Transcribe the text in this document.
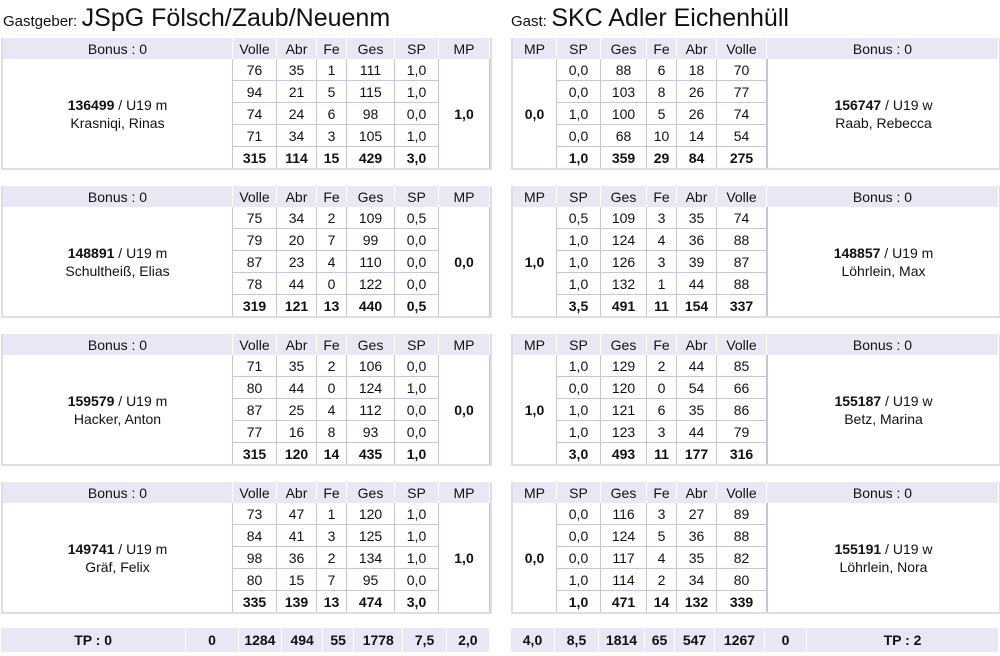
Gastgeber: JSpG Fölsch/Zaub/Neuenm	Gast: SKC Adler Eichenhüll
Bonus : 0	Volle	Abr	Fe	Ges	SP	MP
136499 / U19 m
Krasniqi, Rinas	76	35	1	111	1,0	1,0
	94	21	5	115	1,0	
	74	24	6	98	0,0	
	71	34	3	105	1,0	
	315	114	15	429	3,0	
MP	SP	Ges	Fe	Abr	Volle	Bonus : 0
0,0	0,0	88	6	18	70	156747 / U19 w
Raab, Rebecca
	0,0	103	8	26	77	
	1,0	100	5	26	74	
	0,0	68	10	14	54	
	1,0	359	29	84	275	
Bonus : 0	Volle	Abr	Fe	Ges	SP	MP
148891 / U19 m
Schultheiß, Elias	75	34	2	109	0,5	0,0
	79	20	7	99	0,0	
	87	23	4	110	0,0	
	78	44	0	122	0,0	
	319	121	13	440	0,5	
MP	SP	Ges	Fe	Abr	Volle	Bonus : 0
1,0	0,5	109	3	35	74	148857 / U19 m
Löhrlein, Max
	1,0	124	4	36	88	
	1,0	126	3	39	87	
	1,0	132	1	44	88	
	3,5	491	11	154	337	
Bonus : 0	Volle	Abr	Fe	Ges	SP	MP
159579 / U19 m
Hacker, Anton	71	35	2	106	0,0	0,0
	80	44	0	124	1,0	
	87	25	4	112	0,0	
	77	16	8	93	0,0	
	315	120	14	435	1,0	
MP	SP	Ges	Fe	Abr	Volle	Bonus : 0
1,0	1,0	129	2	44	85	155187 / U19 w
Betz, Marina
	0,0	120	0	54	66	
	1,0	121	6	35	86	
	1,0	123	3	44	79	
	3,0	493	11	177	316	
Bonus : 0	Volle	Abr	Fe	Ges	SP	MP
149741 / U19 m
Gräf, Felix	73	47	1	120	1,0	1,0
	84	41	3	125	1,0	
	98	36	2	134	1,0	
	80	15	7	95	0,0	
	335	139	13	474	3,0	
MP	SP	Ges	Fe	Abr	Volle	Bonus : 0
0,0	0,0	116	3	27	89	155191 / U19 w
Löhrlein, Nora
	0,0	124	5	36	88	
	0,0	117	4	35	82	
	1,0	114	2	34	80	
	1,0	471	14	132	339	
TP : 0	0	1284	494	55	1778	7,5	2,0	4,0	8,5	1814	65	547	1267	0	TP : 2
